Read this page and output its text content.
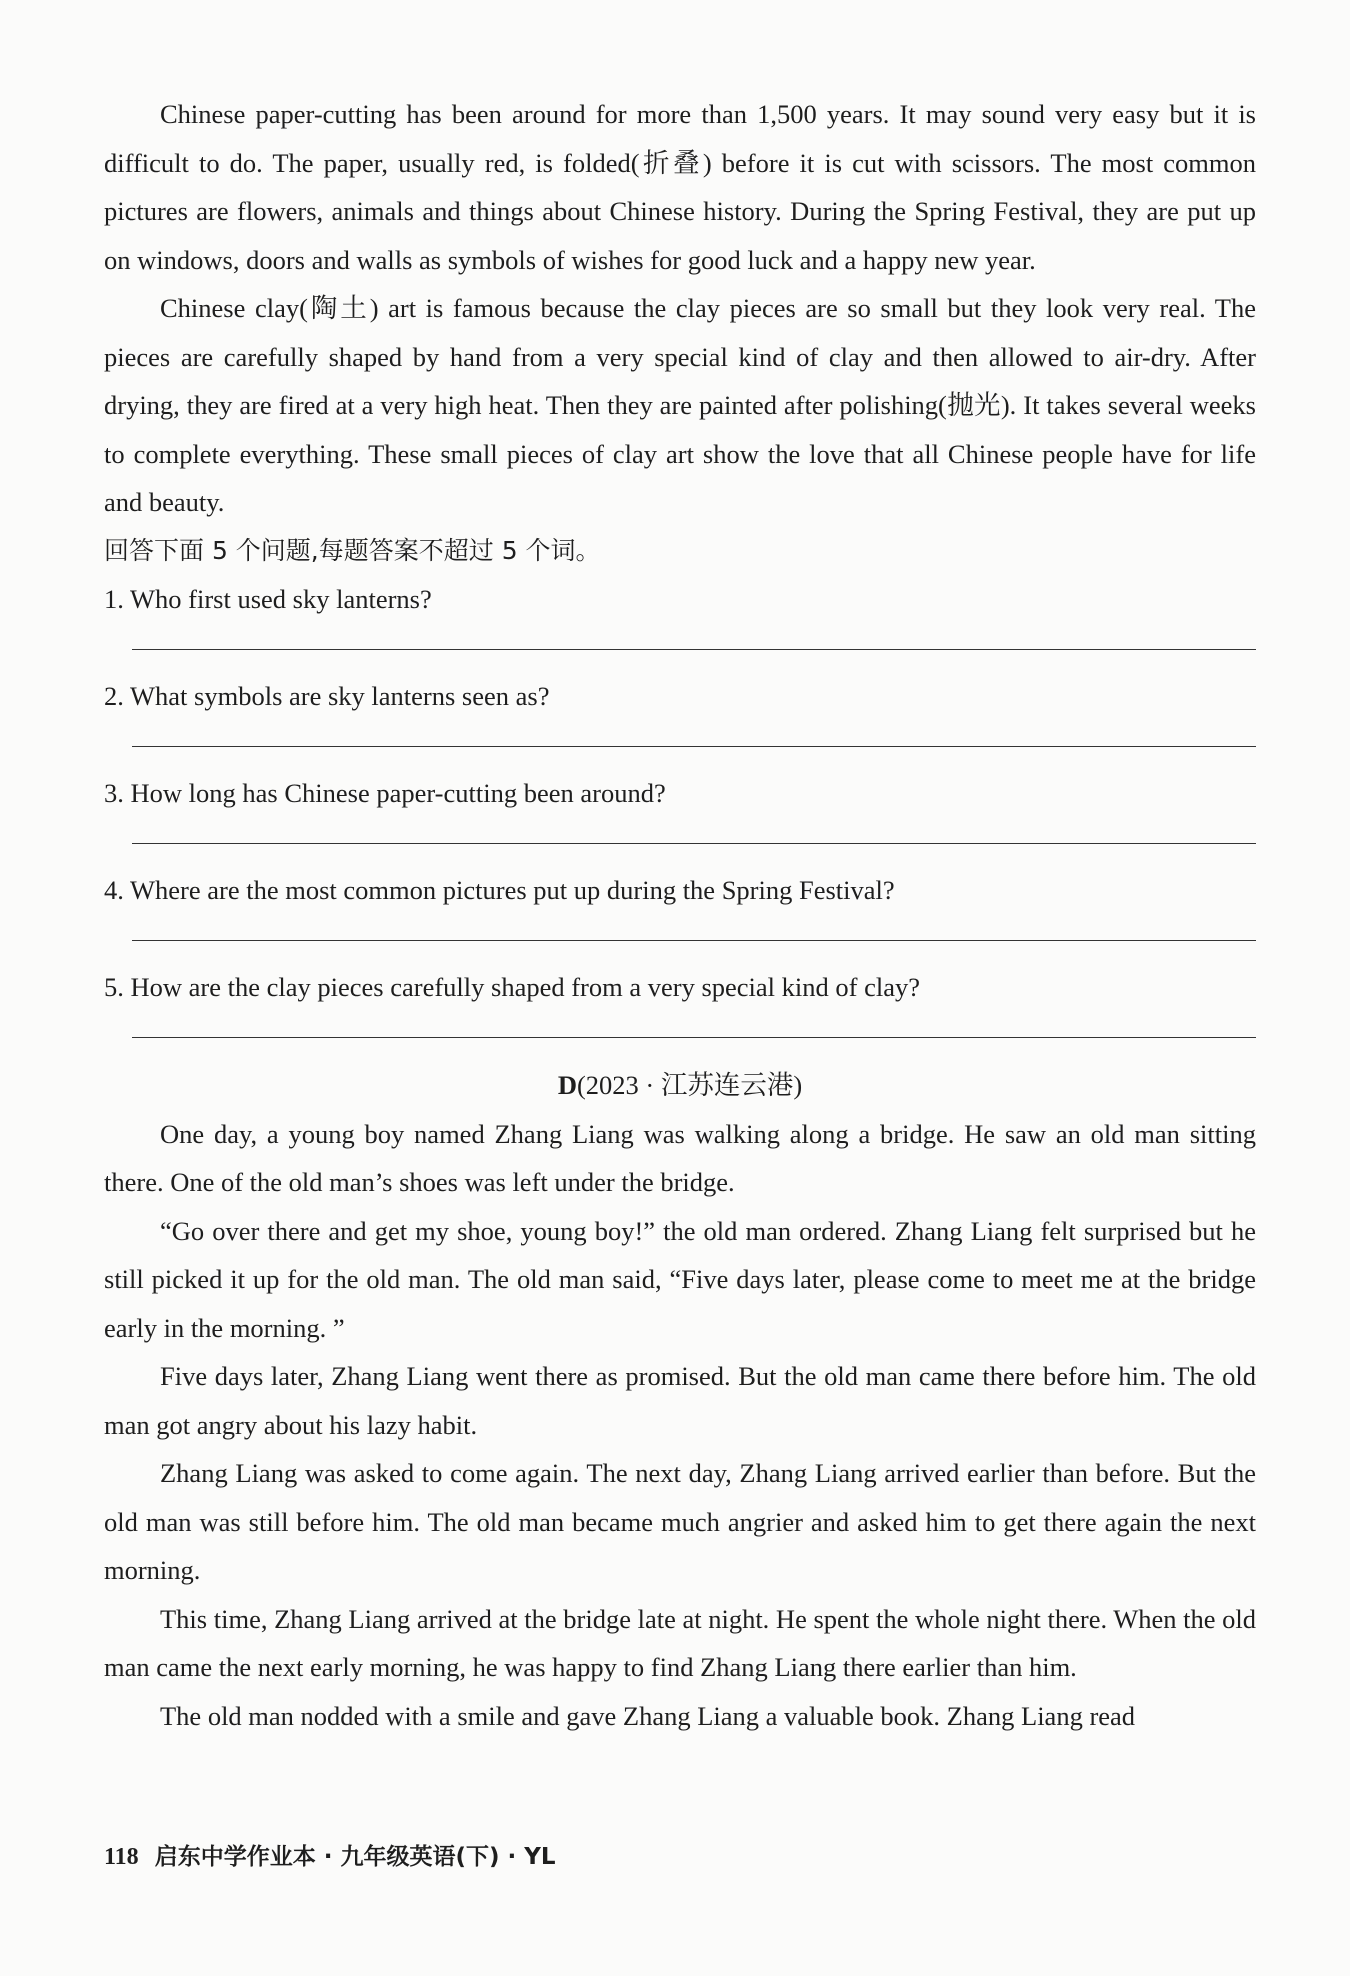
Chinese paper-cutting has been around for more than 1,500 years. It may sound very easy but it is difficult to do. The paper, usually red, is folded(折叠) before it is cut with scissors. The most common pictures are flowers, animals and things about Chinese history. During the Spring Festival, they are put up on windows, doors and walls as symbols of wishes for good luck and a happy new year.

Chinese clay(陶土) art is famous because the clay pieces are so small but they look very real. The pieces are carefully shaped by hand from a very special kind of clay and then allowed to air-dry. After drying, they are fired at a very high heat. Then they are painted after polishing(抛光). It takes several weeks to complete everything. These small pieces of clay art show the love that all Chinese people have for life and beauty.

回答下面 5 个问题,每题答案不超过 5 个词。

1. Who first used sky lanterns?

2. What symbols are sky lanterns seen as?

3. How long has Chinese paper-cutting been around?

4. Where are the most common pictures put up during the Spring Festival?

5. How are the clay pieces carefully shaped from a very special kind of clay?

D(2023 · 江苏连云港)

One day, a young boy named Zhang Liang was walking along a bridge. He saw an old man sitting there. One of the old man’s shoes was left under the bridge.

“Go over there and get my shoe, young boy!” the old man ordered. Zhang Liang felt surprised but he still picked it up for the old man. The old man said, “Five days later, please come to meet me at the bridge early in the morning. ”

Five days later, Zhang Liang went there as promised. But the old man came there before him. The old man got angry about his lazy habit.

Zhang Liang was asked to come again. The next day, Zhang Liang arrived earlier than before. But the old man was still before him. The old man became much angrier and asked him to get there again the next morning.

This time, Zhang Liang arrived at the bridge late at night. He spent the whole night there. When the old man came the next early morning, he was happy to find Zhang Liang there earlier than him.

The old man nodded with a smile and gave Zhang Liang a valuable book. Zhang Liang read

118 启东中学作业本 · 九年级英语(下) · YL
